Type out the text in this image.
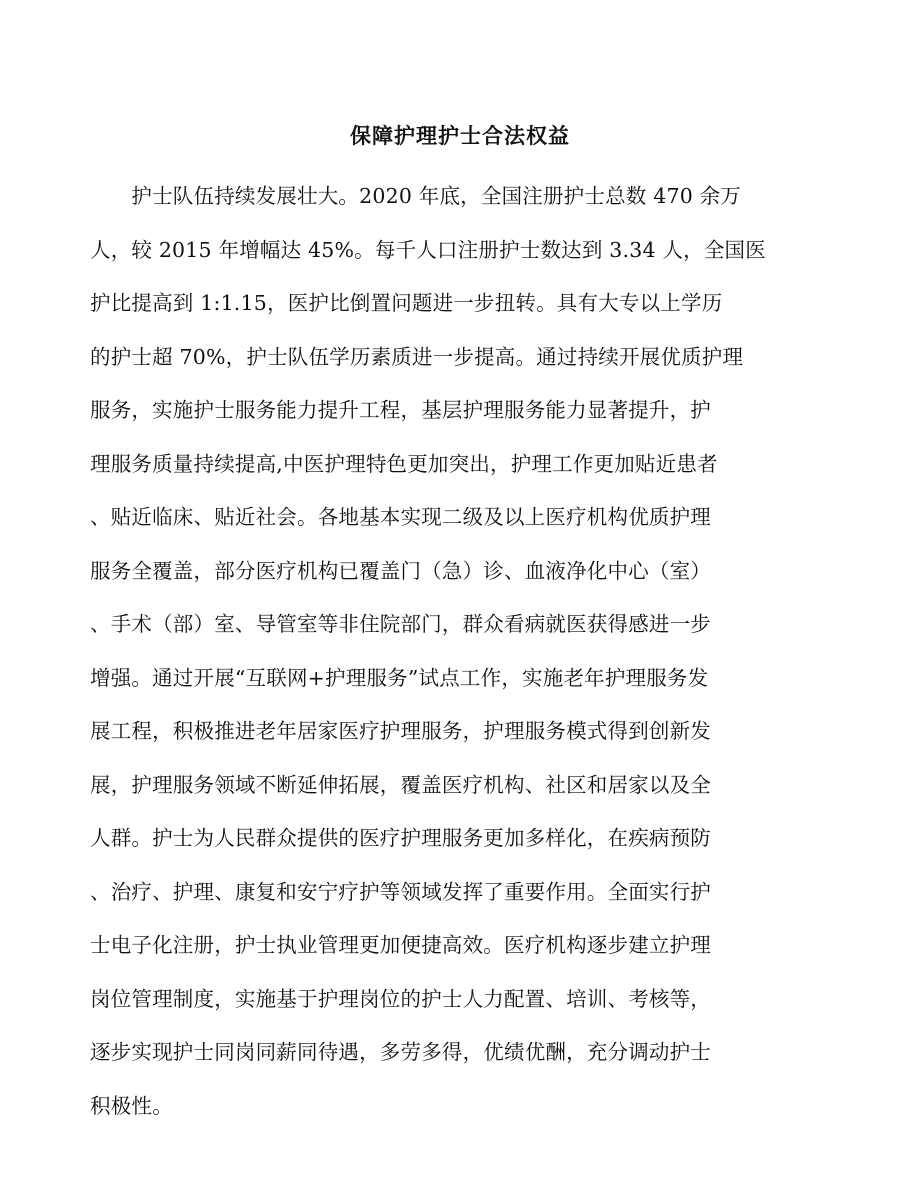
保障护理护士合法权益
　　护士队伍持续发展壮大。2020 年底，全国注册护士总数 470 余万
人，较 2015 年增幅达 45%。每千人口注册护士数达到 3.34 人，全国医
护比提高到 1:1.15，医护比倒置问题进一步扭转。具有大专以上学历
的护士超 70%，护士队伍学历素质进一步提高。通过持续开展优质护理
服务，实施护士服务能力提升工程，基层护理服务能力显著提升，护
理服务质量持续提高,中医护理特色更加突出，护理工作更加贴近患者
、贴近临床、贴近社会。各地基本实现二级及以上医疗机构优质护理
服务全覆盖，部分医疗机构已覆盖门（急）诊、血液净化中心（室）
、手术（部）室、导管室等非住院部门，群众看病就医获得感进一步
增强。通过开展“互联网+护理服务”试点工作，实施老年护理服务发
展工程，积极推进老年居家医疗护理服务，护理服务模式得到创新发
展，护理服务领域不断延伸拓展，覆盖医疗机构、社区和居家以及全
人群。护士为人民群众提供的医疗护理服务更加多样化，在疾病预防
、治疗、护理、康复和安宁疗护等领域发挥了重要作用。全面实行护
士电子化注册，护士执业管理更加便捷高效。医疗机构逐步建立护理
岗位管理制度，实施基于护理岗位的护士人力配置、培训、考核等，
逐步实现护士同岗同薪同待遇，多劳多得，优绩优酬，充分调动护士
积极性。
